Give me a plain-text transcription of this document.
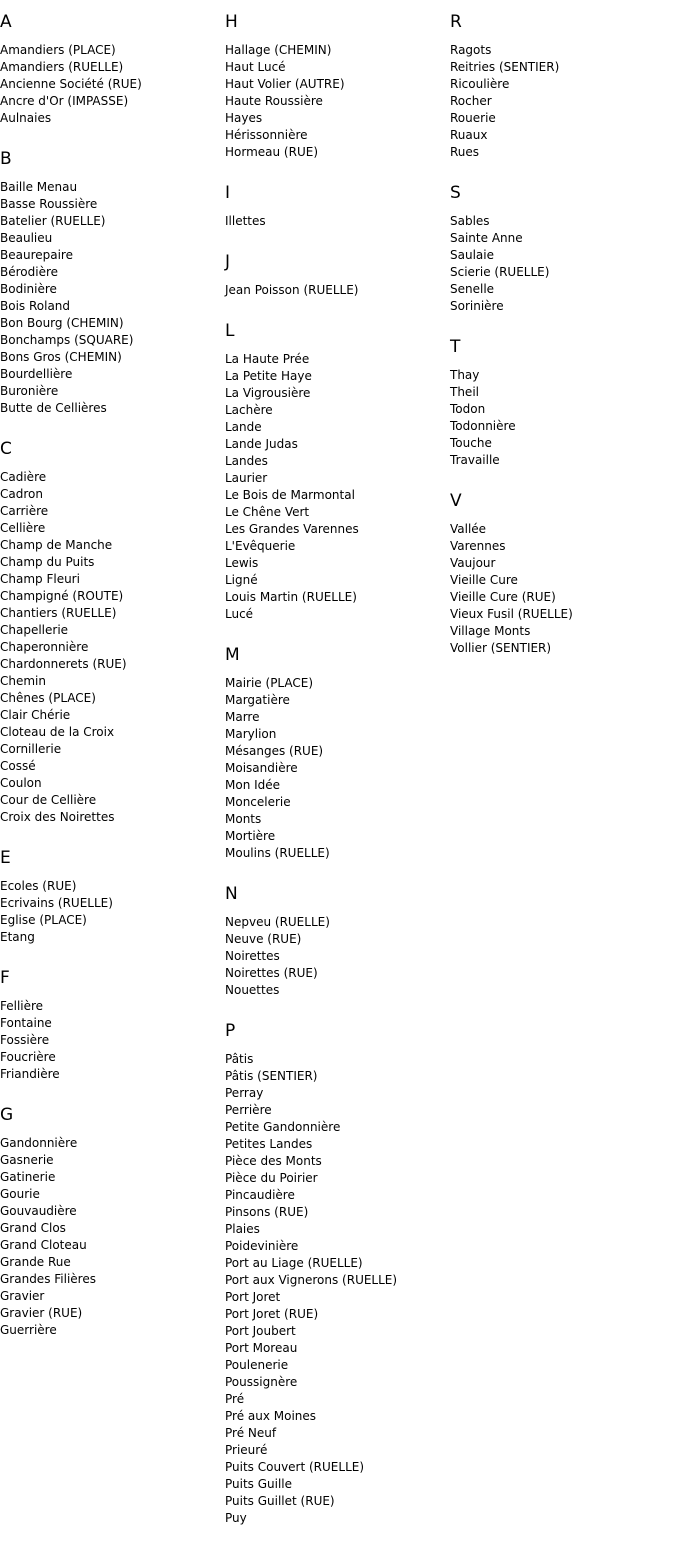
A
Amandiers (PLACE)
Amandiers (RUELLE)
Ancienne Société (RUE)
Ancre d'Or (IMPASSE)
Aulnaies
B
Baille Menau
Basse Roussière
Batelier (RUELLE)
Beaulieu
Beaurepaire
Bérodière
Bodinière
Bois Roland
Bon Bourg (CHEMIN)
Bonchamps (SQUARE)
Bons Gros (CHEMIN)
Bourdellière
Buronière
Butte de Cellières
C
Cadière
Cadron
Carrière
Cellière
Champ de Manche
Champ du Puits
Champ Fleuri
Champigné (ROUTE)
Chantiers (RUELLE)
Chapellerie
Chaperonnière
Chardonnerets (RUE)
Chemin
Chênes (PLACE)
Clair Chérie
Cloteau de la Croix
Cornillerie
Cossé
Coulon
Cour de Cellière
Croix des Noirettes
E
Ecoles (RUE)
Ecrivains (RUELLE)
Eglise (PLACE)
Etang
F
Fellière
Fontaine
Fossière
Foucrière
Friandière
G
Gandonnière
Gasnerie
Gatinerie
Gourie
Gouvaudière
Grand Clos
Grand Cloteau
Grande Rue
Grandes Filières
Gravier
Gravier (RUE)
Guerrière
H
Hallage (CHEMIN)
Haut Lucé
Haut Volier (AUTRE)
Haute Roussière
Hayes
Hérissonnière
Hormeau (RUE)
I
Illettes
J
Jean Poisson (RUELLE)
L
La Haute Prée
La Petite Haye
La Vigrousière
Lachère
Lande
Lande Judas
Landes
Laurier
Le Bois de Marmontal
Le Chêne Vert
Les Grandes Varennes
L'Evêquerie
Lewis
Ligné
Louis Martin (RUELLE)
Lucé
M
Mairie (PLACE)
Margatière
Marre
Marylion
Mésanges (RUE)
Moisandière
Mon Idée
Moncelerie
Monts
Mortière
Moulins (RUELLE)
N
Nepveu (RUELLE)
Neuve (RUE)
Noirettes
Noirettes (RUE)
Nouettes
P
Pâtis
Pâtis (SENTIER)
Perray
Perrière
Petite Gandonnière
Petites Landes
Pièce des Monts
Pièce du Poirier
Pincaudière
Pinsons (RUE)
Plaies
Poidevinière
Port au Liage (RUELLE)
Port aux Vignerons (RUELLE)
Port Joret
Port Joret (RUE)
Port Joubert
Port Moreau
Poulenerie
Poussignère
Pré
Pré aux Moines
Pré Neuf
Prieuré
Puits Couvert (RUELLE)
Puits Guille
Puits Guillet (RUE)
Puy
R
Ragots
Reitries (SENTIER)
Ricoulière
Rocher
Rouerie
Ruaux
Rues
S
Sables
Sainte Anne
Saulaie
Scierie (RUELLE)
Senelle
Sorinière
T
Thay
Theil
Todon
Todonnière
Touche
Travaille
V
Vallée
Varennes
Vaujour
Vieille Cure
Vieille Cure (RUE)
Vieux Fusil (RUELLE)
Village Monts
Vollier (SENTIER)
